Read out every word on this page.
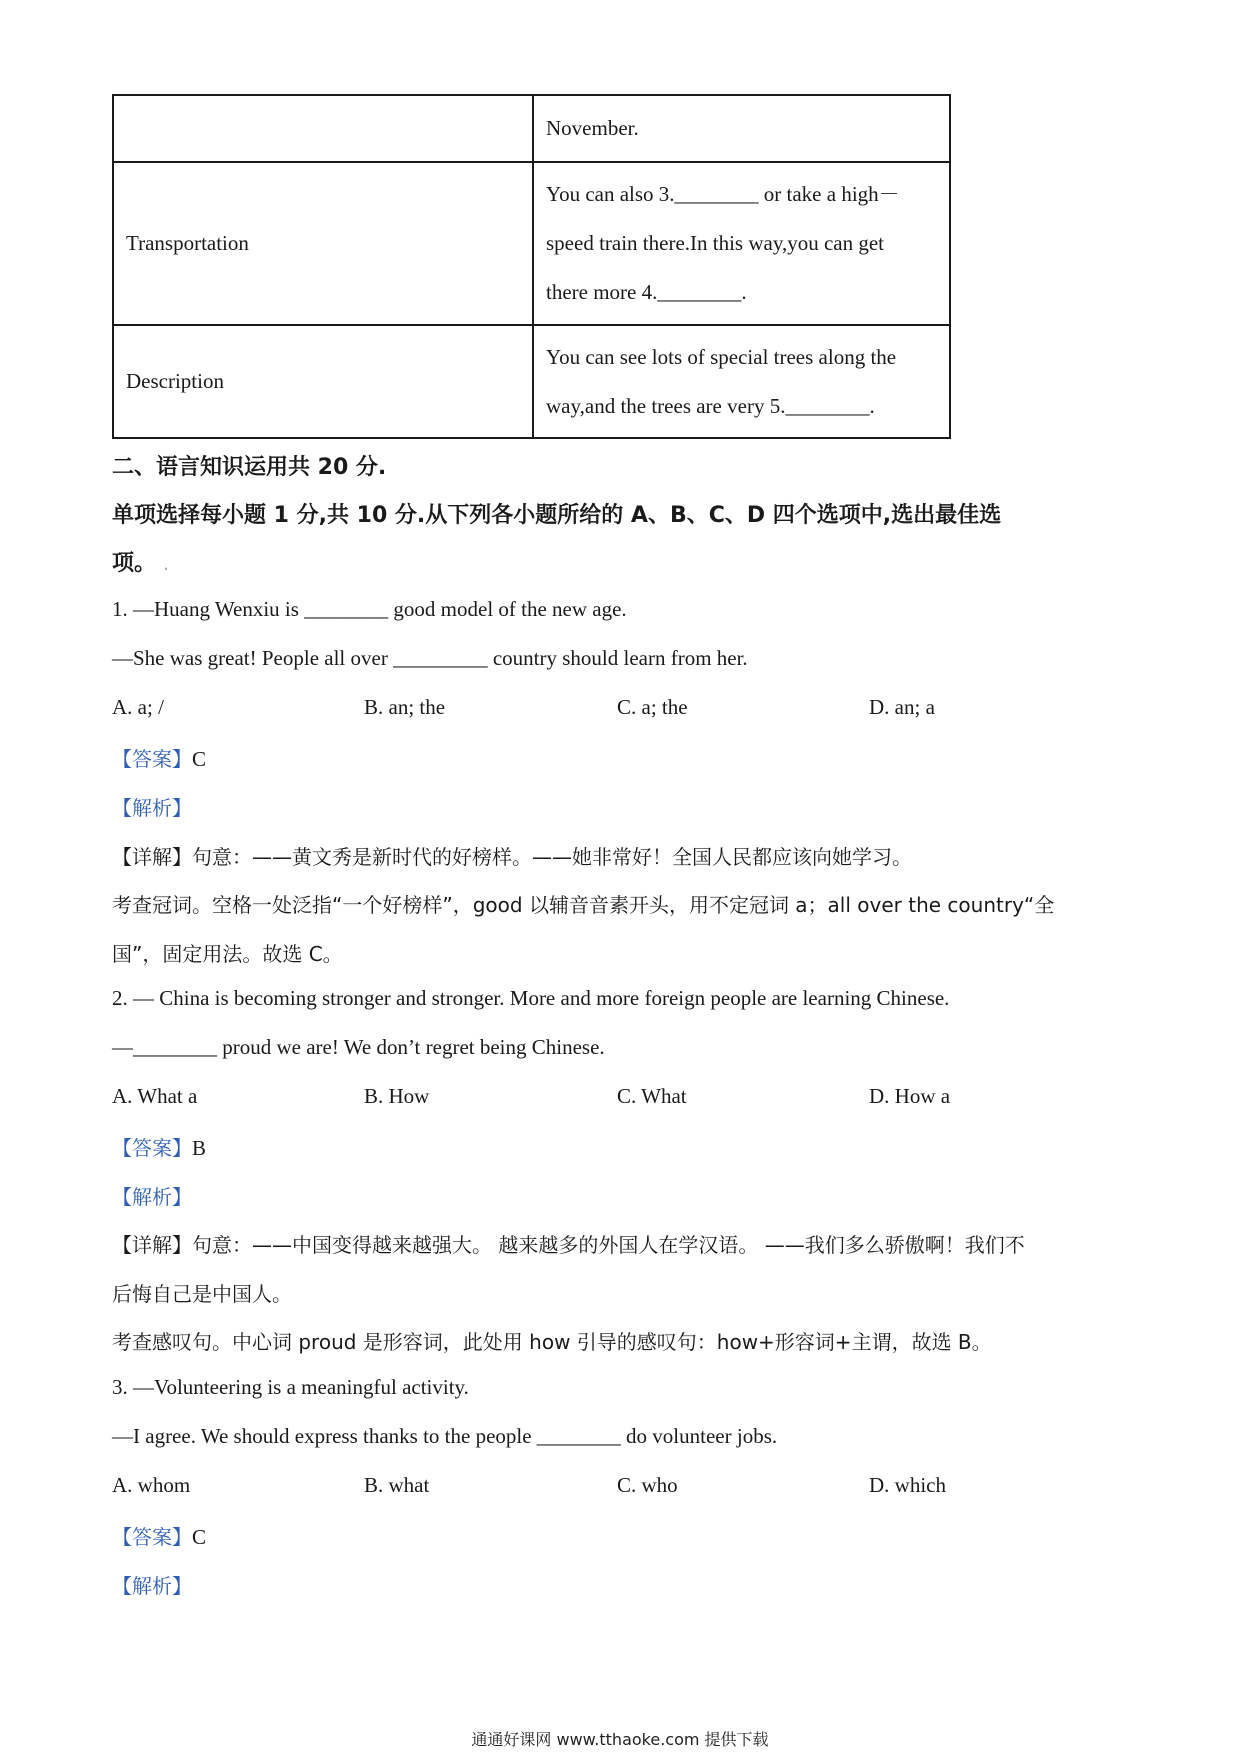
	November.
Transportation	You can also 3.________ or take a high－
speed train there.In this way,you can get
there more 4.________.

Description	You can see lots of special trees along the
way,and the trees are very 5.________.
二、语言知识运用共 20 分.
单项选择每小题 1 分,共 10 分.从下列各小题所给的 A、B、C、D 四个选项中,选出最佳选
项。 .
1. —Huang Wenxiu is ________ good model of the new age.
—She was great! People all over _________ country should learn from her.
A. a; /	B. an; the	C. a; the	D. an; a
【答案】C
【解析】
【详解】句意：——黄文秀是新时代的好榜样。——她非常好！全国人民都应该向她学习。
考查冠词。空格一处泛指“一个好榜样”，good 以辅音音素开头，用不定冠词 a；all over the country“全
国”，固定用法。故选 C。
2. — China is becoming stronger and stronger. More and more foreign people are learning Chinese.
—________ proud we are! We don’t regret being Chinese.
A. What a	B. How	C. What	D. How a
【答案】B
【解析】
【详解】句意：——中国变得越来越强大。 越来越多的外国人在学汉语。 ——我们多么骄傲啊！我们不
后悔自己是中国人。
考查感叹句。中心词 proud 是形容词，此处用 how 引导的感叹句：how+形容词+主谓，故选 B。
3. —Volunteering is a meaningful activity.
—I agree. We should express thanks to the people ________ do volunteer jobs.
A. whom	B. what	C. who	D. which
【答案】C
【解析】
通通好课网 www.tthaoke.com 提供下载
